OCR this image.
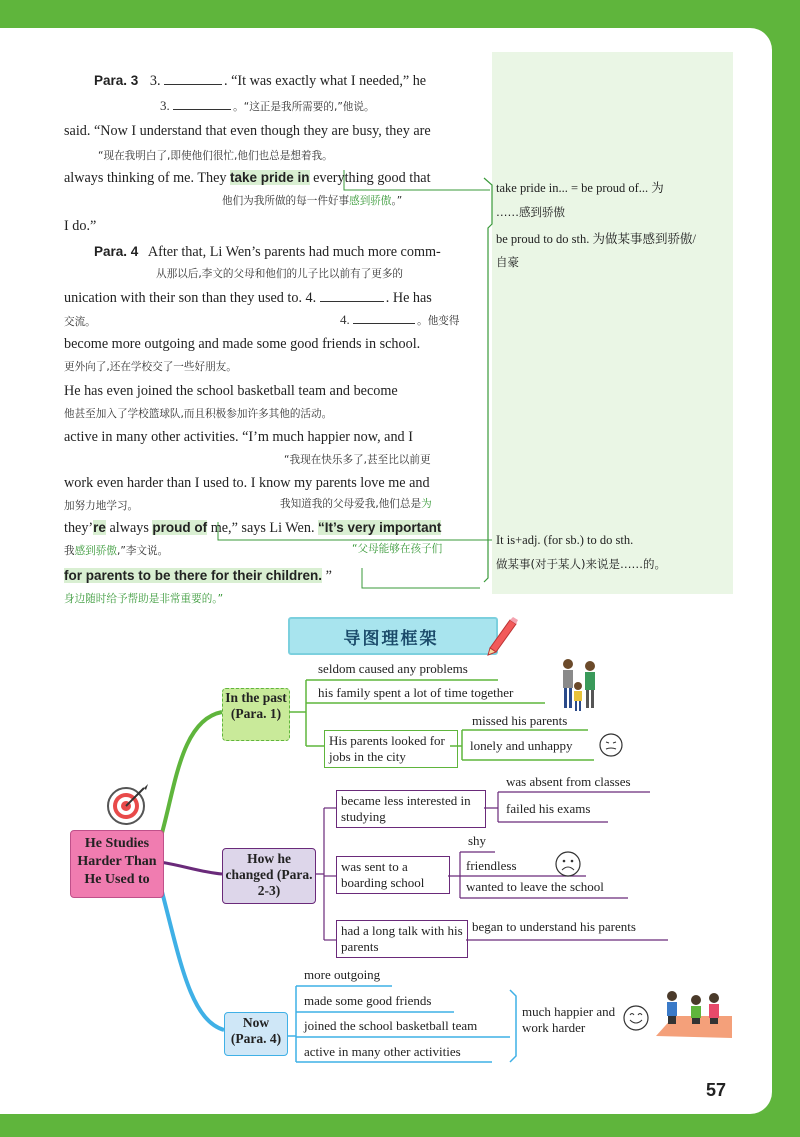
take pride in... = be proud of... 为
……感到骄傲
be proud to do sth. 为做某事感到骄傲/
自豪
It is+adj. (for sb.) to do sth.
做某事(对于某人)来说是……的。
Para. 3 3.	. “It was exactly what I needed,” he
3.	。“这正是我所需要的,”他说。
said. “Now I understand that even though they are busy, they are
“现在我明白了,即使他们很忙,他们也总是想着我。
always thinking of me. They take pride in everything good that
他们为我所做的每一件好事感到骄傲。”
I do.”
Para. 4 After that, Li Wen’s parents had much more comm-
从那以后,李文的父母和他们的儿子比以前有了更多的
unication with their son than they used to. 4.	. He has
交流。	4.	。他变得
become more outgoing and made some good friends in school.
更外向了,还在学校交了一些好朋友。
He has even joined the school basketball team and become
他甚至加入了学校篮球队,而且积极参加许多其他的活动。
active in many other activities. “I’m much happier now, and I
“我现在快乐多了,甚至比以前更
work even harder than I used to. I know my parents love me and
加努力地学习。	我知道我的父母爱我,他们总是为
they’re always proud of me,” says Li Wen. “It’s very important
我感到骄傲,”李文说。	“父母能够在孩子们
for parents to be there for their children. ”
身边随时给予帮助是非常重要的。”
导图理框架
He Studies Harder Than He Used to
In the past (Para. 1)
seldom caused any problems
his family spent a lot of time together
His parents looked for jobs in the city
missed his parents
lonely and unhappy
How he changed (Para. 2-3)
became less interested in studying
was absent from classes
failed his exams
was sent to a boarding school
shy
friendless
wanted to leave the school
had a long talk with his parents
began to understand his parents
Now (Para. 4)
more outgoing
made some good friends
joined the school basketball team
active in many other activities
much happier and work harder
57
